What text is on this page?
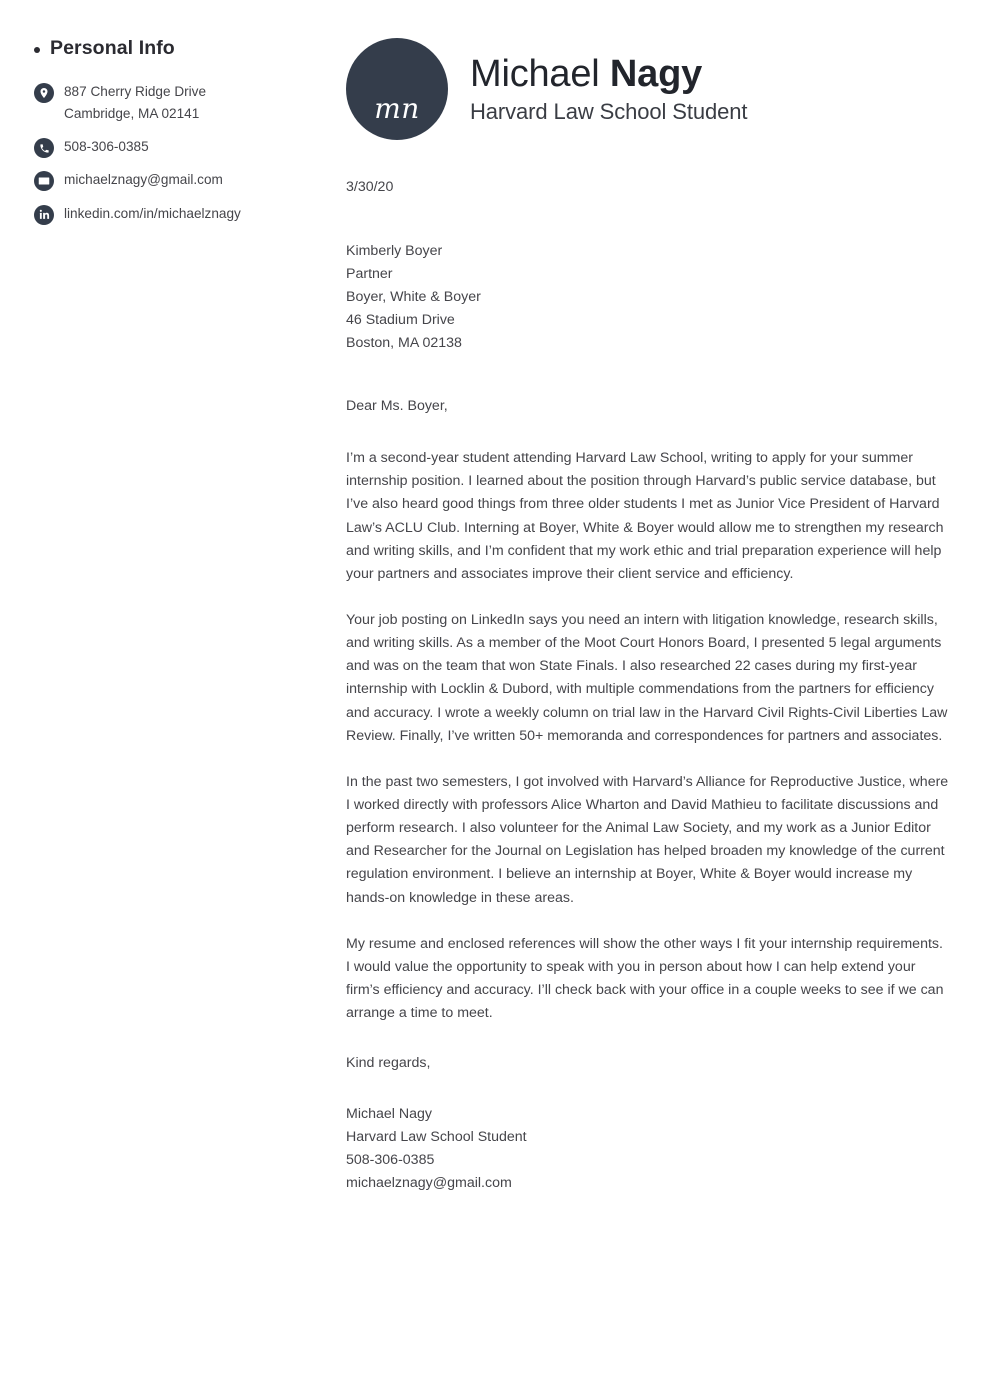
Personal Info
887 Cherry Ridge Drive
Cambridge, MA 02141
508-306-0385
michaelznagy@gmail.com
linkedin.com/in/michaelznagy
mn
Michael Nagy
Harvard Law School Student
3/30/20
Kimberly Boyer
Partner
Boyer, White & Boyer
46 Stadium Drive
Boston, MA 02138
Dear Ms. Boyer,

I’m a second-year student attending Harvard Law School, writing to apply for your summer internship position. I learned about the position through Harvard’s public service database, but I’ve also heard good things from three older students I met as Junior Vice President of Harvard Law’s ACLU Club. Interning at Boyer, White & Boyer would allow me to strengthen my research and writing skills, and I’m confident that my work ethic and trial preparation experience will help your partners and associates improve their client service and efficiency.

Your job posting on LinkedIn says you need an intern with litigation knowledge, research skills, and writing skills. As a member of the Moot Court Honors Board, I presented 5 legal arguments and was on the team that won State Finals. I also researched 22 cases during my first-year internship with Locklin & Dubord, with multiple commendations from the partners for efficiency and accuracy. I wrote a weekly column on trial law in the Harvard Civil Rights-Civil Liberties Law Review. Finally, I’ve written 50+ memoranda and correspondences for partners and associates.

In the past two semesters, I got involved with Harvard’s Alliance for Reproductive Justice, where I worked directly with professors Alice Wharton and David Mathieu to facilitate discussions and perform research. I also volunteer for the Animal Law Society, and my work as a Junior Editor and Researcher for the Journal on Legislation has helped broaden my knowledge of the current regulation environment. I believe an internship at Boyer, White & Boyer would increase my hands-on knowledge in these areas.

My resume and enclosed references will show the other ways I fit your internship requirements. I would value the opportunity to speak with you in person about how I can help extend your firm’s efficiency and accuracy. I’ll check back with your office in a couple weeks to see if we can arrange a time to meet.

Kind regards,
Michael Nagy
Harvard Law School Student
508-306-0385
michaelznagy@gmail.com
